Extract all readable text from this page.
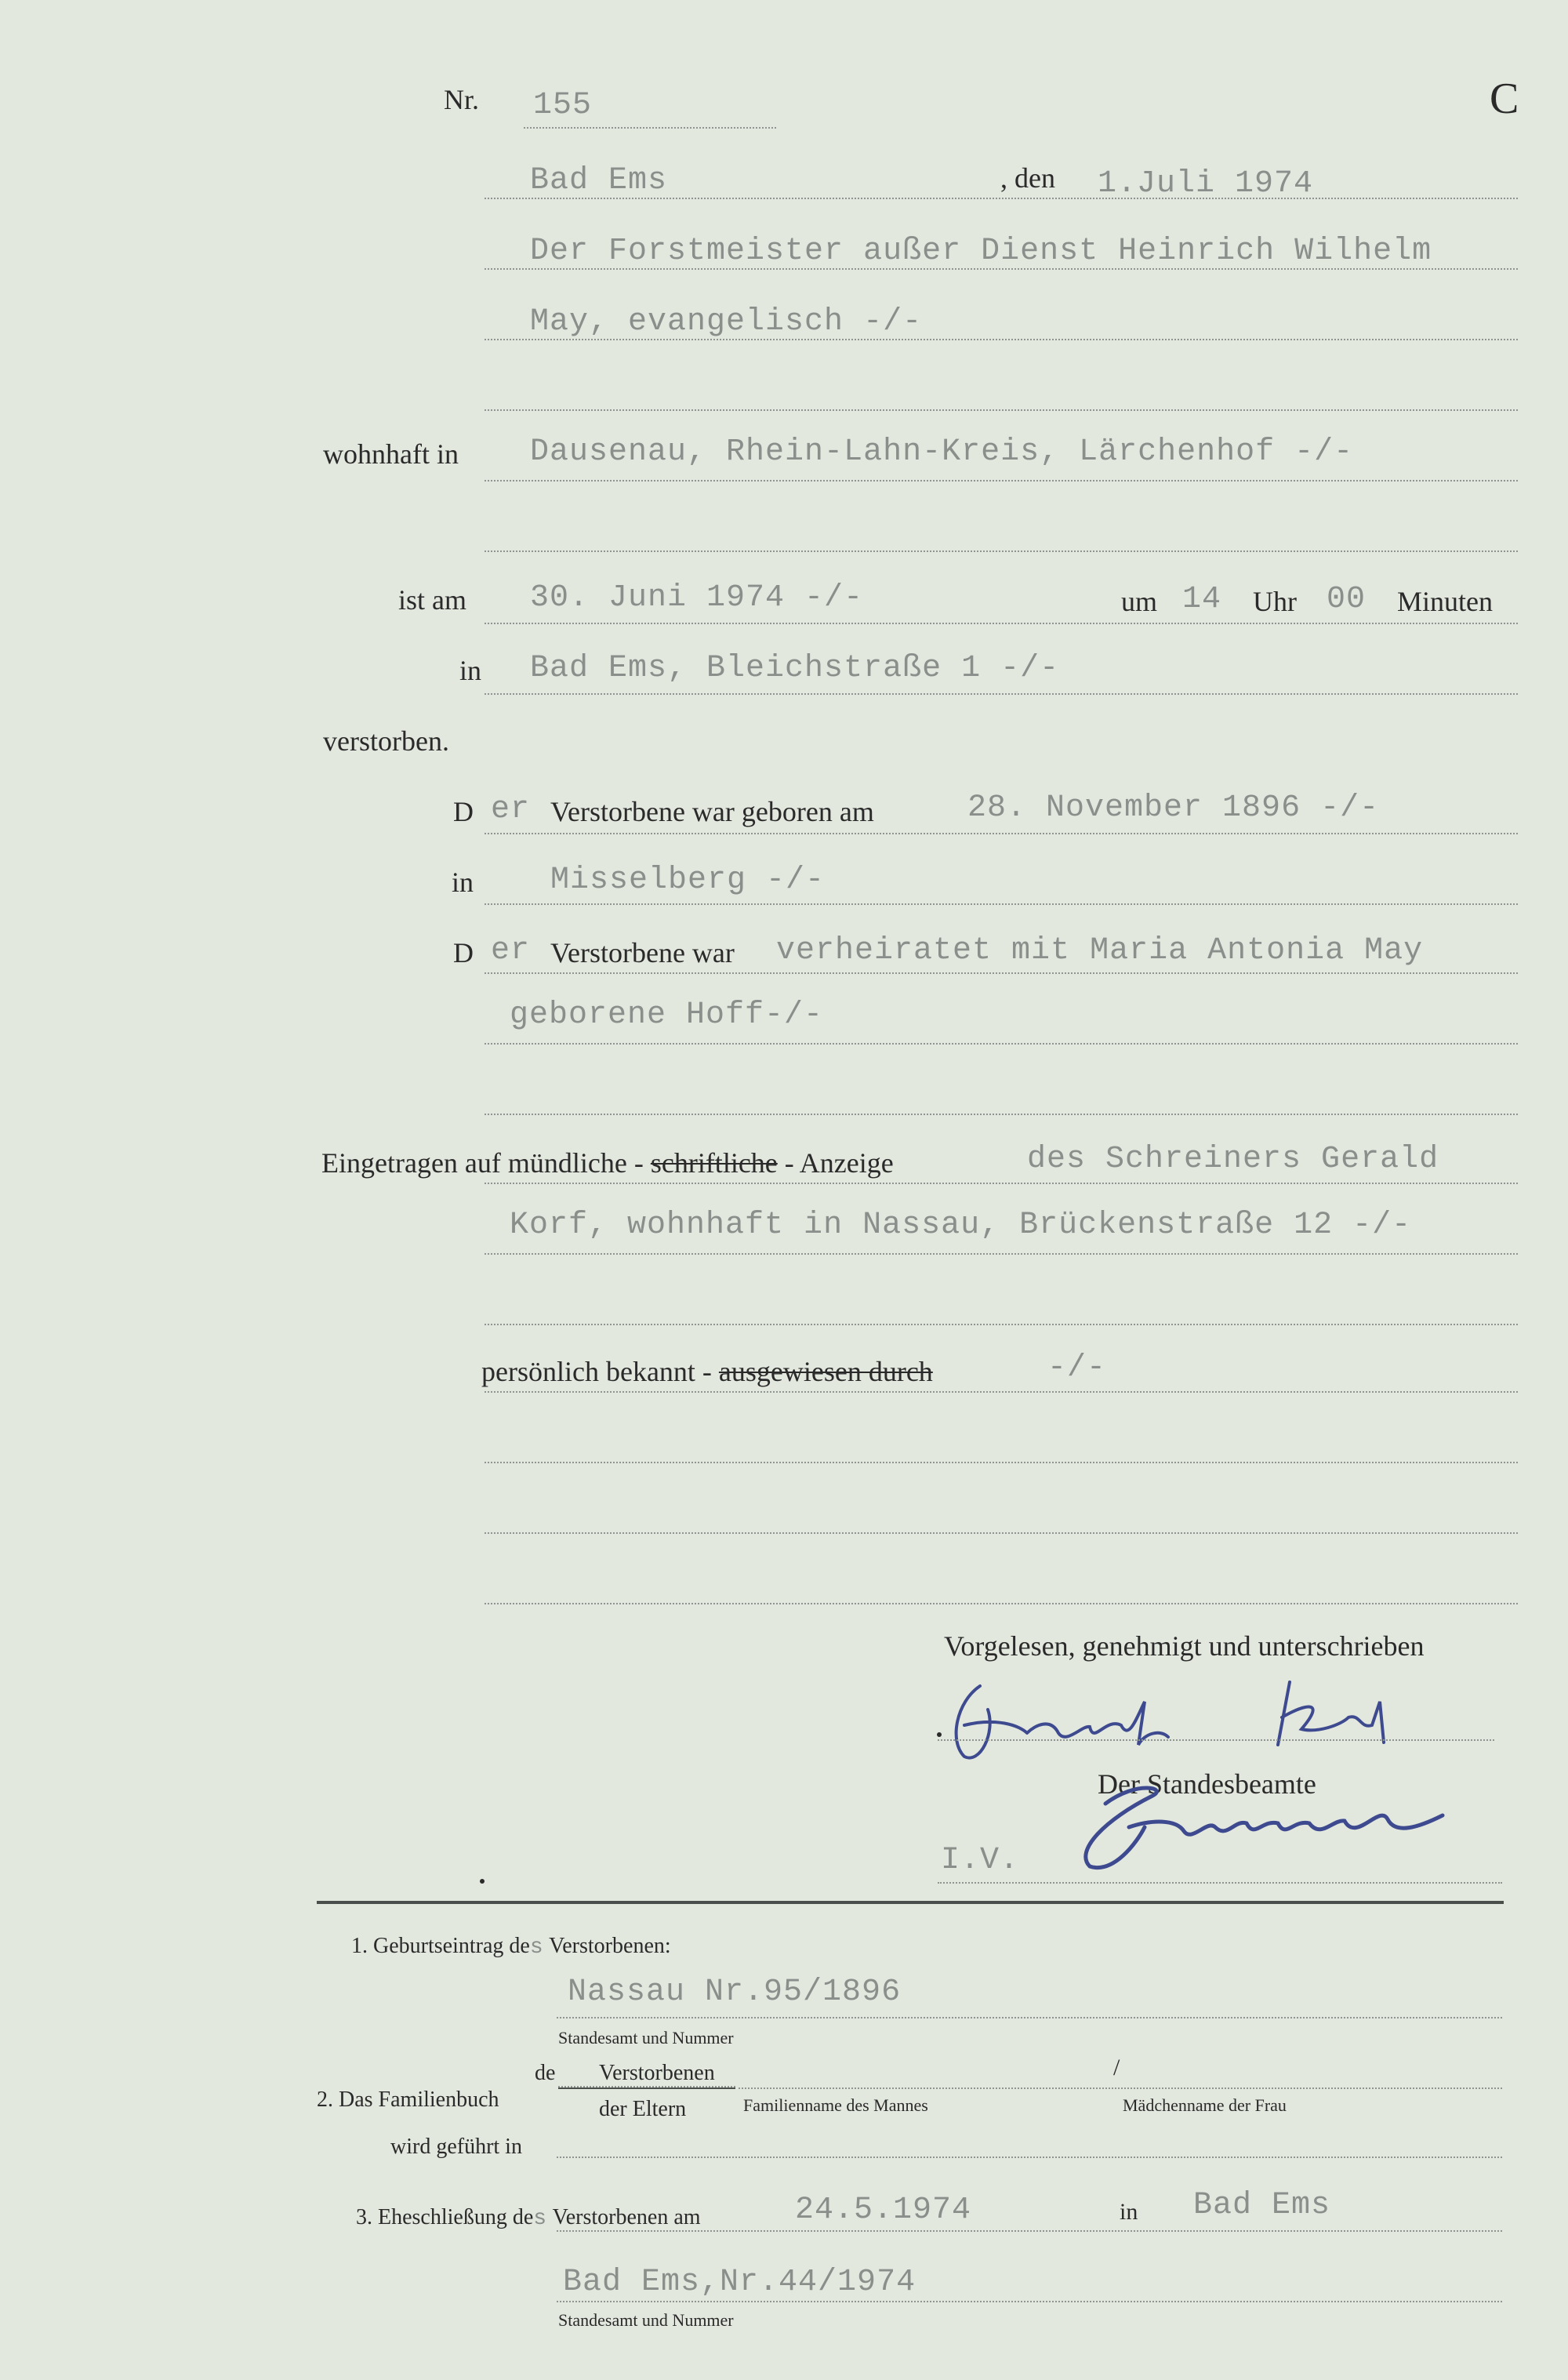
Nr. 155	C
Bad Ems	, den 1.Juli 1974
Der Forstmeister außer Dienst Heinrich Wilhelm
May, evangelisch -/-
wohnhaft in Dausenau, Rhein-Lahn-Kreis, Lärchenhof -/-
ist am 30. Juni 1974 -/-	um 14 Uhr 00 Minuten
in Bad Ems, Bleichstraße 1 -/-
verstorben.
D er Verstorbene war geboren am	28. November 1896 -/-
in Misselberg -/-
D er Verstorbene war verheiratet mit Maria Antonia May
geborene Hoff-/-
Eingetragen auf mündliche - schriftliche - Anzeige	des Schreiners Gerald
Korf, wohnhaft in Nassau, Brückenstraße 12 -/-
persönlich bekannt - ausgewiesen durch	-/-
Vorgelesen, genehmigt und unterschrieben
Der Standesbeamte
I.V.
1. Geburtseintrag des Verstorbenen:
Nassau Nr.95/1896
Standesamt und Nummer
2. Das Familienbuch
de Verstorbenen
der Eltern
/
Familienname des Mannes	Mädchenname der Frau
wird geführt in
3. Eheschließung des Verstorbenen am	24.5.1974	in Bad Ems
Bad Ems,Nr.44/1974
Standesamt und Nummer
